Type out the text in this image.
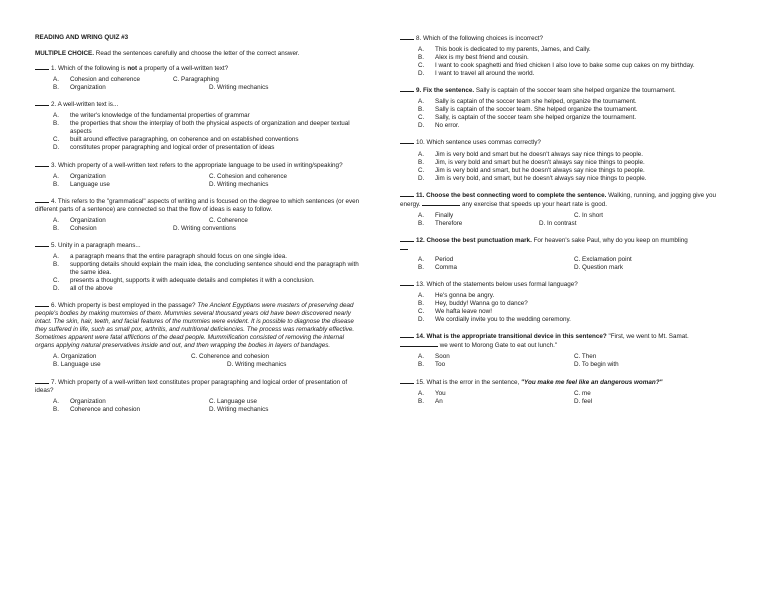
READING AND WRING QUIZ #3
MULTIPLE CHOICE. Read the sentences carefully and choose the letter of the correct answer.
1. Which of the following is not a property of a well-written text?
A.	Cohesion and coherence	C. Paragraphing
B.	Organization	D. Writing mechanics
2. A well-written text is...
A.	the writer's knowledge of the fundamental properties of grammar
B.	the properties that show the interplay of both the physical aspects of organization and deeper textual aspects
C.	built around effective paragraphing, on coherence and on established conventions
D.	constitutes proper paragraphing and logical order of presentation of ideas
3. Which property of a well-written text refers to the appropriate language to be used in writing/speaking?
A.	Organization	C. Cohesion and coherence
B.	Language use	D. Writing mechanics
4. This refers to the "grammatical" aspects of writing and is focused on the degree to which sentences (or even different parts of a sentence) are connected so that the flow of ideas is easy to follow.
A.	Organization	C. Coherence
B.	Cohesion	D. Writing conventions
5. Unity in a paragraph means...
A.	a paragraph means that the entire paragraph should focus on one single idea.
B.	supporting details should explain the main idea, the concluding sentence should end the paragraph with the same idea.
C.	presents a thought, supports it with adequate details and completes it with a conclusion.
D.	all of the above
6. Which property is best employed in the passage? The Ancient Egyptians were masters of preserving dead people's bodies by making mummies of them. Mummies several thousand years old have been discovered nearly intact. The skin, hair, teeth, and facial features of the mummies were evident. It is possible to diagnose the disease they suffered in life, such as small pox, arthritis, and nutritional deficiencies. The process was remarkably effective. Sometimes apparent were fatal afflictions of the dead people. Mummification consisted of removing the internal organs applying natural preservatives inside and out, and then wrapping the bodies in layers of bandages.
A. Organization	C. Coherence and cohesion
B. Language use	D. Writing mechanics
7. Which property of a well-written text constitutes proper paragraphing and logical order of presentation of ideas?
A.	Organization	C. Language use
B.	Coherence and cohesion	D. Writing mechanics
8. Which of the following choices is incorrect?
A.	This book is dedicated to my parents, James, and Cally.
B.	Alex is my best friend and cousin.
C.	I want to cook spaghetti and fried chicken I also love to bake some cup cakes on my birthday.
D.	I want to travel all around the world.
9. Fix the sentence. Sally is captain of the soccer team she helped organize the tournament.
A.	Sally is captain of the soccer team she helped, organize the tournament.
B.	Sally is captain of the soccer team. She helped organize the tournament.
C.	Sally, is captain of the soccer team she helped organize the tournament.
D.	No error.
10. Which sentence uses commas correctly?
A.	Jim is very bold and smart but he doesn't always say nice things to people.
B.	Jim, is very bold and smart but he doesn't always say nice things to people.
C.	Jim is very bold and smart, but he doesn't always say nice things to people.
D.	Jim is very bold, and smart, but he doesn't always say nice things to people.
11. Choose the best connecting word to complete the sentence. Walking, running, and jogging give you energy.	any exercise that speeds up your heart rate is good.
A.	Finally	C. In short
B.	Therefore	D. In contrast
12. Choose the best punctuation mark. For heaven's sake Paul, why do you keep on mumbling

A.	Period	C. Exclamation point
B.	Comma	D. Question mark
13. Which of the statements below uses formal language?
A.	He's gonna be angry.
B.	Hey, buddy! Wanna go to dance?
C.	We hafta leave now!
D.	We cordially invite you to the wedding ceremony.
14. What is the appropriate transitional device in this sentence? "First, we went to Mt. Samat.
we went to Morong Gate to eat out lunch."
A.	Soon	C. Then
B.	Too	D. To begin with
15. What is the error in the sentence, "You make me feel like an dangerous woman?"
A.	You	C. me
B.	An	D. feel
